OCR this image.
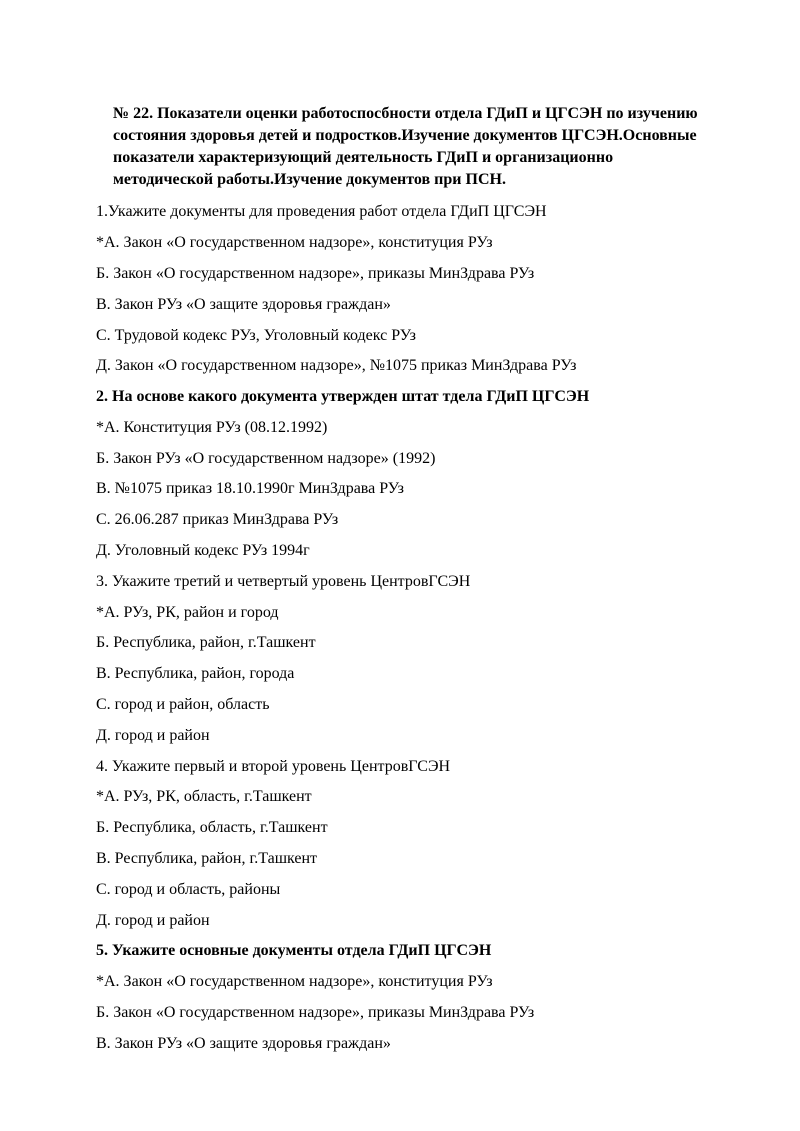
№ 22. Показатели оценки работоспосбности отдела ГДиП и ЦГСЭН по изучению состояния здоровья детей и подростков.Изучение документов ЦГСЭН.Основные показатели характеризующий деятельность ГДиП и организационно методической работы.Изучение документов при ПСН.

1.Укажите документы для проведения работ отдела ГДиП ЦГСЭН

*А. Закон «О государственном надзоре», конституция РУз

Б. Закон «О государственном надзоре», приказы МинЗдрава РУз

В. Закон РУз «О защите здоровья граждан»

С. Трудовой кодекс РУз, Уголовный кодекс РУз

Д. Закон «О государственном надзоре», №1075 приказ МинЗдрава РУз

2. На основе какого документа утвержден штат тдела ГДиП ЦГСЭН

*А. Конституция РУз (08.12.1992)

Б. Закон РУз «О государственном надзоре» (1992)

В. №1075 приказ 18.10.1990г МинЗдрава РУз

С. 26.06.287 приказ МинЗдрава РУз

Д. Уголовный кодекс РУз 1994г

3. Укажите третий и четвертый уровень ЦентровГСЭН

*А. РУз, РК, район и город

Б. Республика, район, г.Ташкент

В. Республика, район, города

С. город и район, область

Д. город и район

4. Укажите первый и второй уровень ЦентровГСЭН

*А. РУз, РК, область, г.Ташкент

Б. Республика, область, г.Ташкент

В. Республика, район, г.Ташкент

С. город и область, районы

Д. город и район

5. Укажите основные документы отдела ГДиП ЦГСЭН

*А. Закон «О государственном надзоре», конституция РУз

Б. Закон «О государственном надзоре», приказы МинЗдрава РУз

В. Закон РУз «О защите здоровья граждан»
